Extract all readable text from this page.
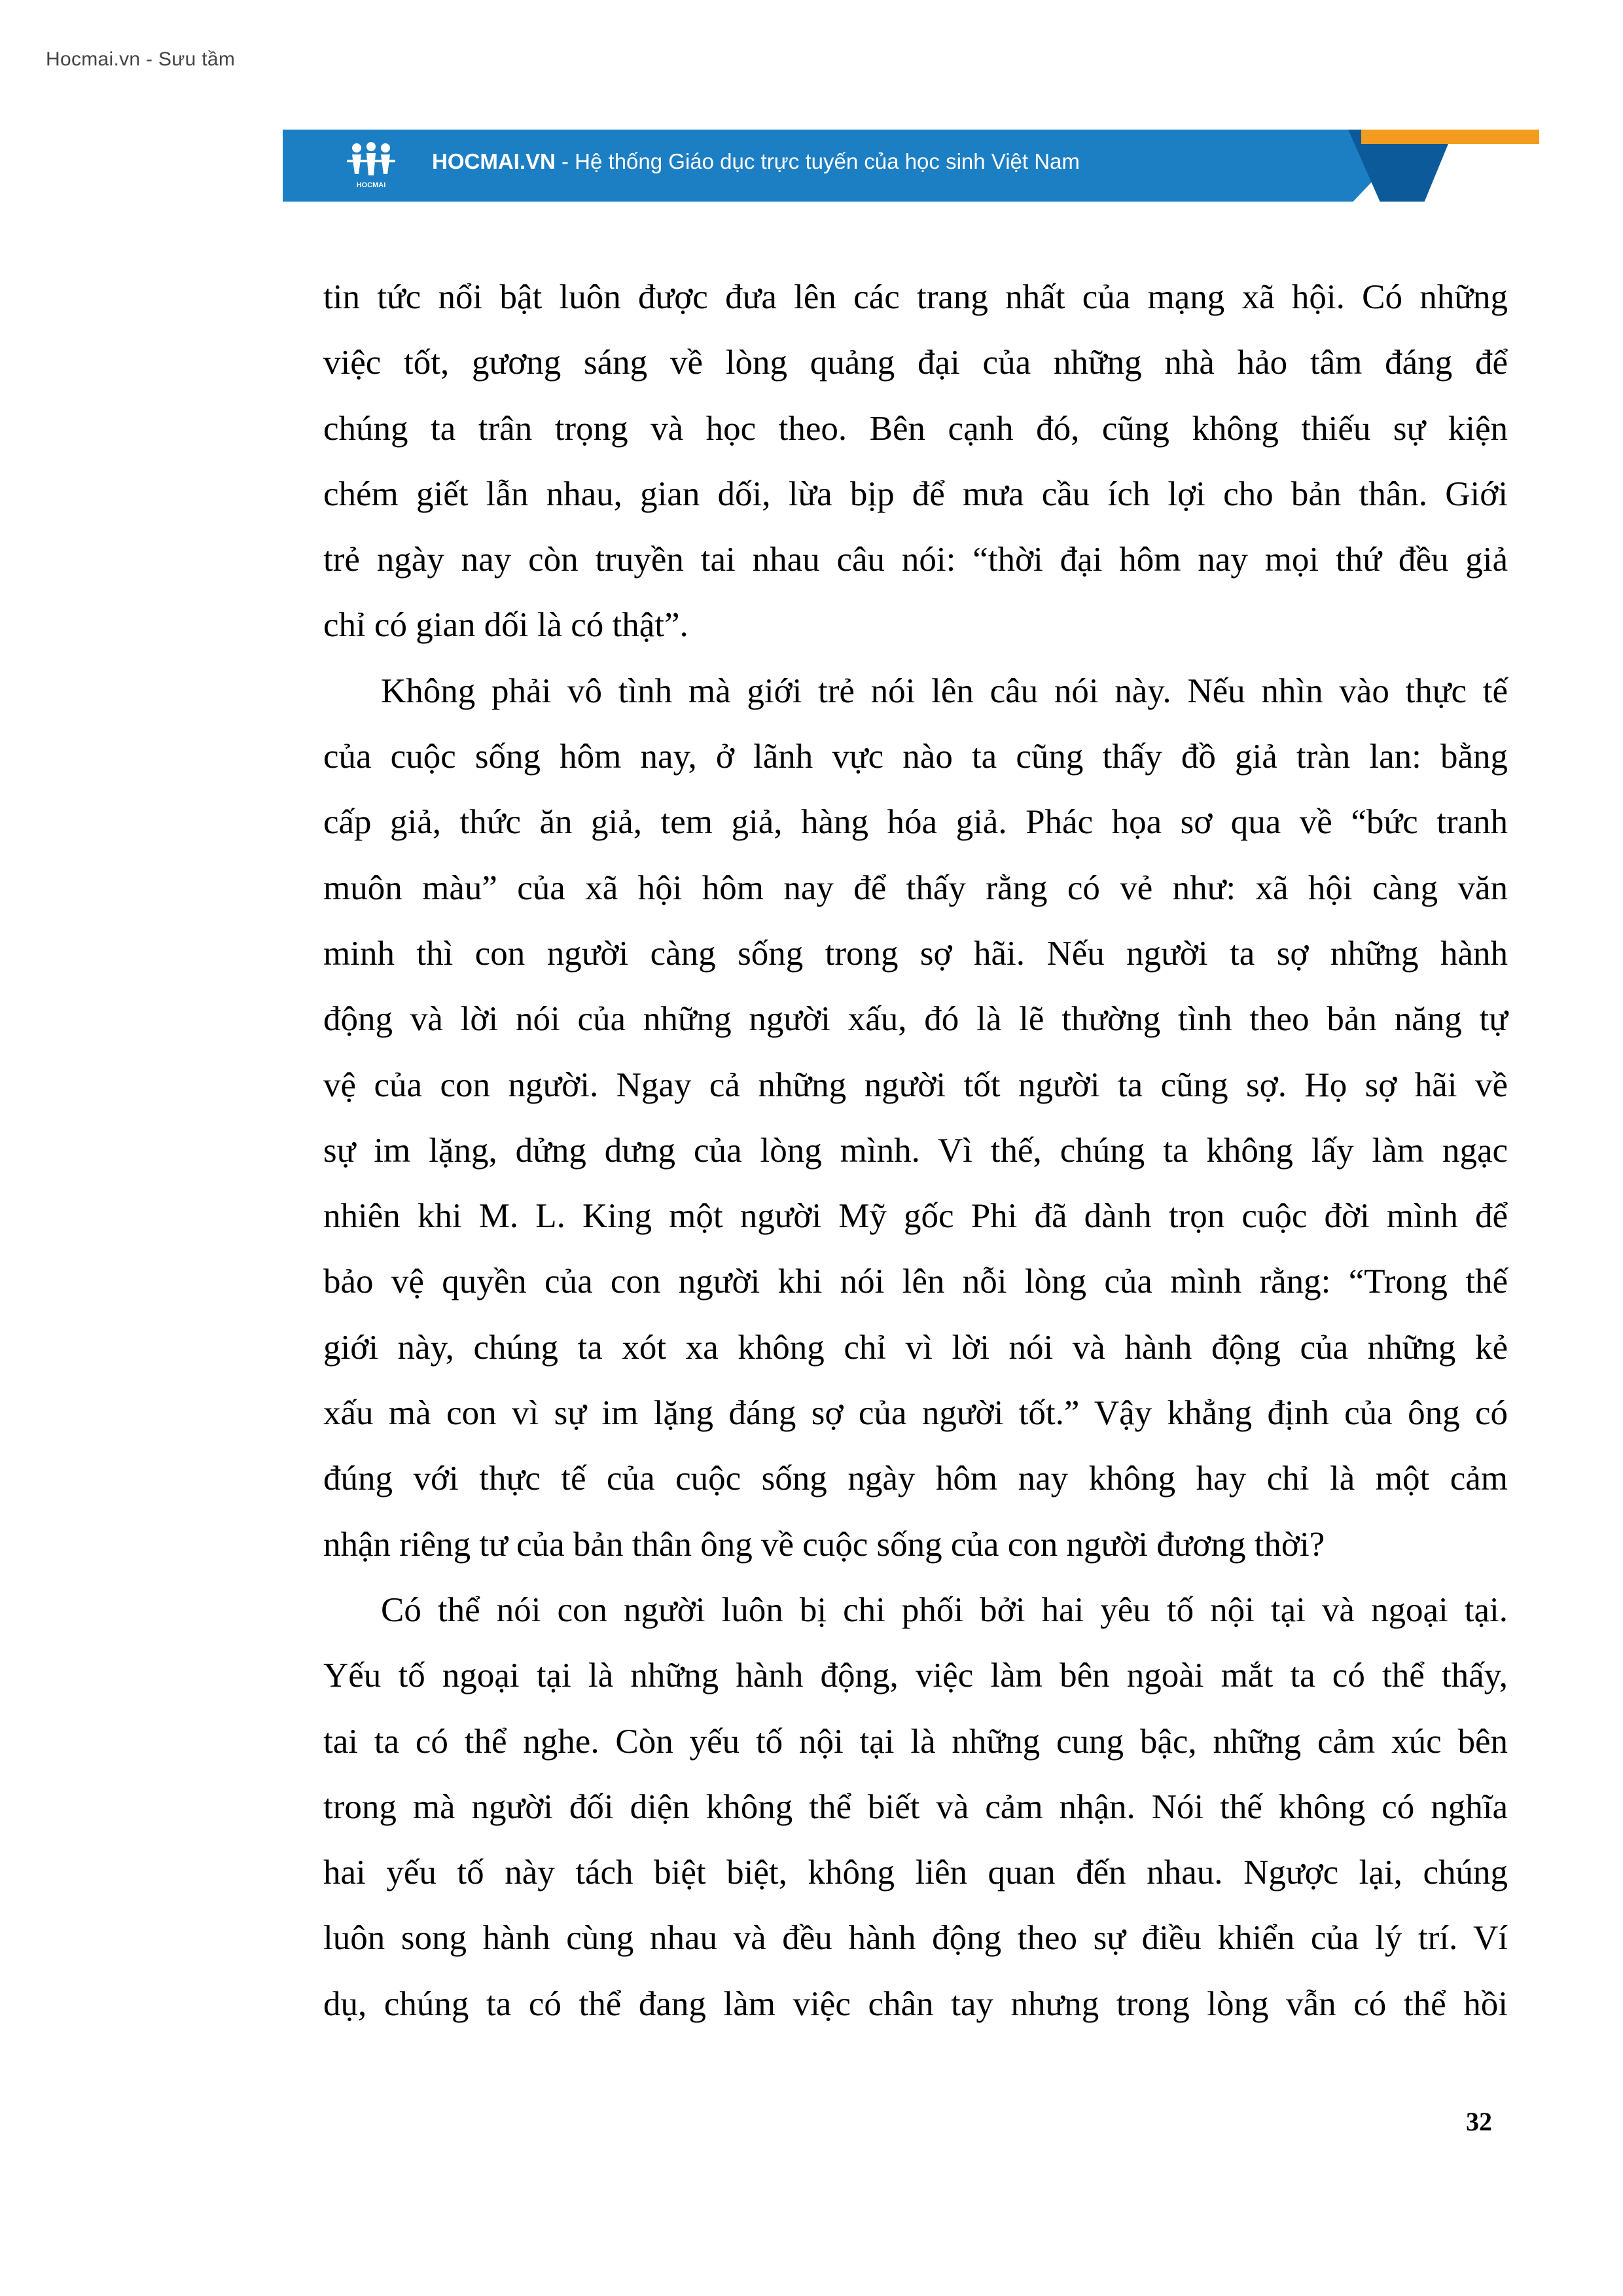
Hocmai.vn - Sưu tầm
HOCMAI
HOCMAI.VN - Hệ thống Giáo dục trực tuyến của học sinh Việt Nam
tin tức nổi bật luôn được đưa lên các trang nhất của mạng xã hội. Có những
việc tốt, gương sáng về lòng quảng đại của những nhà hảo tâm đáng để
chúng ta trân trọng và học theo. Bên cạnh đó, cũng không thiếu sự kiện
chém giết lẫn nhau, gian dối, lừa bịp để mưa cầu ích lợi cho bản thân. Giới
trẻ ngày nay còn truyền tai nhau câu nói: “thời đại hôm nay mọi thứ đều giả
chỉ có gian dối là có thật”.
Không phải vô tình mà giới trẻ nói lên câu nói này. Nếu nhìn vào thực tế
của cuộc sống hôm nay, ở lãnh vực nào ta cũng thấy đồ giả tràn lan: bằng
cấp giả, thức ăn giả, tem giả, hàng hóa giả. Phác họa sơ qua về “bức tranh
muôn màu” của xã hội hôm nay để thấy rằng có vẻ như: xã hội càng văn
minh thì con người càng sống trong sợ hãi. Nếu người ta sợ những hành
động và lời nói của những người xấu, đó là lẽ thường tình theo bản năng tự
vệ của con người. Ngay cả những người tốt người ta cũng sợ. Họ sợ hãi về
sự im lặng, dửng dưng của lòng mình. Vì thế, chúng ta không lấy làm ngạc
nhiên khi M. L. King một người Mỹ gốc Phi đã dành trọn cuộc đời mình để
bảo vệ quyền của con người khi nói lên nỗi lòng của mình rằng: “Trong thế
giới này, chúng ta xót xa không chỉ vì lời nói và hành động của những kẻ
xấu mà con vì sự im lặng đáng sợ của người tốt.” Vậy khẳng định của ông có
đúng với thực tế của cuộc sống ngày hôm nay không hay chỉ là một cảm
nhận riêng tư của bản thân ông về cuộc sống của con người đương thời?
Có thể nói con người luôn bị chi phối bởi hai yêu tố nội tại và ngoại tại.
Yếu tố ngoại tại là những hành động, việc làm bên ngoài mắt ta có thể thấy,
tai ta có thể nghe. Còn yếu tố nội tại là những cung bậc, những cảm xúc bên
trong mà người đối diện không thể biết và cảm nhận. Nói thế không có nghĩa
hai yếu tố này tách biệt biệt, không liên quan đến nhau. Ngược lại, chúng
luôn song hành cùng nhau và đều hành động theo sự điều khiển của lý trí. Ví
dụ, chúng ta có thể đang làm việc chân tay nhưng trong lòng vẫn có thể hồi
32
